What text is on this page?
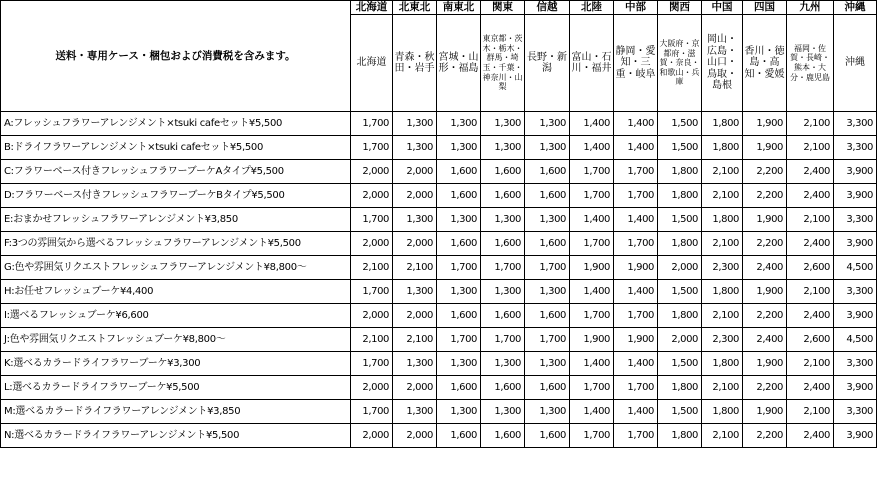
送料・専用ケース・梱包および消費税を含みます。	北海道	北東北	南東北	関東	信越	北陸	中部	関西	中国	四国	九州	沖縄

	北海道	青森・秋田・岩手	宮城・山形・福島	東京都・茨木・栃木・群馬・埼玉・千葉・神奈川・山梨	長野・新潟	富山・石川・福井	静岡・愛知・三重・岐阜	大阪府・京都府・滋賀・奈良・和歌山・兵庫	岡山・広島・山口・鳥取・島根	香川・徳島・高知・愛媛	福岡・佐賀・長崎・熊本・大分・鹿児島	沖縄

A:フレッシュフラワーアレンジメント×tsuki cafeセット¥5,500	1,700	1,300	1,300	1,300	1,300	1,400	1,400	1,500	1,800	1,900	2,100	3,300
B:ドライフラワーアレンジメント×tsuki cafeセット¥5,500	1,700	1,300	1,300	1,300	1,300	1,400	1,400	1,500	1,800	1,900	2,100	3,300
C:フラワーベース付きフレッシュフラワーブーケAタイプ¥5,500	2,000	2,000	1,600	1,600	1,600	1,700	1,700	1,800	2,100	2,200	2,400	3,900
D:フラワーベース付きフレッシュフラワーブーケBタイプ¥5,500	2,000	2,000	1,600	1,600	1,600	1,700	1,700	1,800	2,100	2,200	2,400	3,900
E:おまかせフレッシュフラワーアレンジメント¥3,850	1,700	1,300	1,300	1,300	1,300	1,400	1,400	1,500	1,800	1,900	2,100	3,300
F:3つの雰囲気から選べるフレッシュフラワーアレンジメント¥5,500	2,000	2,000	1,600	1,600	1,600	1,700	1,700	1,800	2,100	2,200	2,400	3,900
G:色や雰囲気リクエストフレッシュフラワーアレンジメント¥8,800～	2,100	2,100	1,700	1,700	1,700	1,900	1,900	2,000	2,300	2,400	2,600	4,500
H:お任せフレッシュブーケ¥4,400	1,700	1,300	1,300	1,300	1,300	1,400	1,400	1,500	1,800	1,900	2,100	3,300
I:選べるフレッシュブーケ¥6,600	2,000	2,000	1,600	1,600	1,600	1,700	1,700	1,800	2,100	2,200	2,400	3,900
J:色や雰囲気リクエストフレッシュブーケ¥8,800～	2,100	2,100	1,700	1,700	1,700	1,900	1,900	2,000	2,300	2,400	2,600	4,500
K:選べるカラードライフラワーブーケ¥3,300	1,700	1,300	1,300	1,300	1,300	1,400	1,400	1,500	1,800	1,900	2,100	3,300
L:選べるカラードライフラワーブーケ¥5,500	2,000	2,000	1,600	1,600	1,600	1,700	1,700	1,800	2,100	2,200	2,400	3,900
M:選べるカラードライフラワーアレンジメント¥3,850	1,700	1,300	1,300	1,300	1,300	1,400	1,400	1,500	1,800	1,900	2,100	3,300
N:選べるカラードライフラワーアレンジメント¥5,500	2,000	2,000	1,600	1,600	1,600	1,700	1,700	1,800	2,100	2,200	2,400	3,900
